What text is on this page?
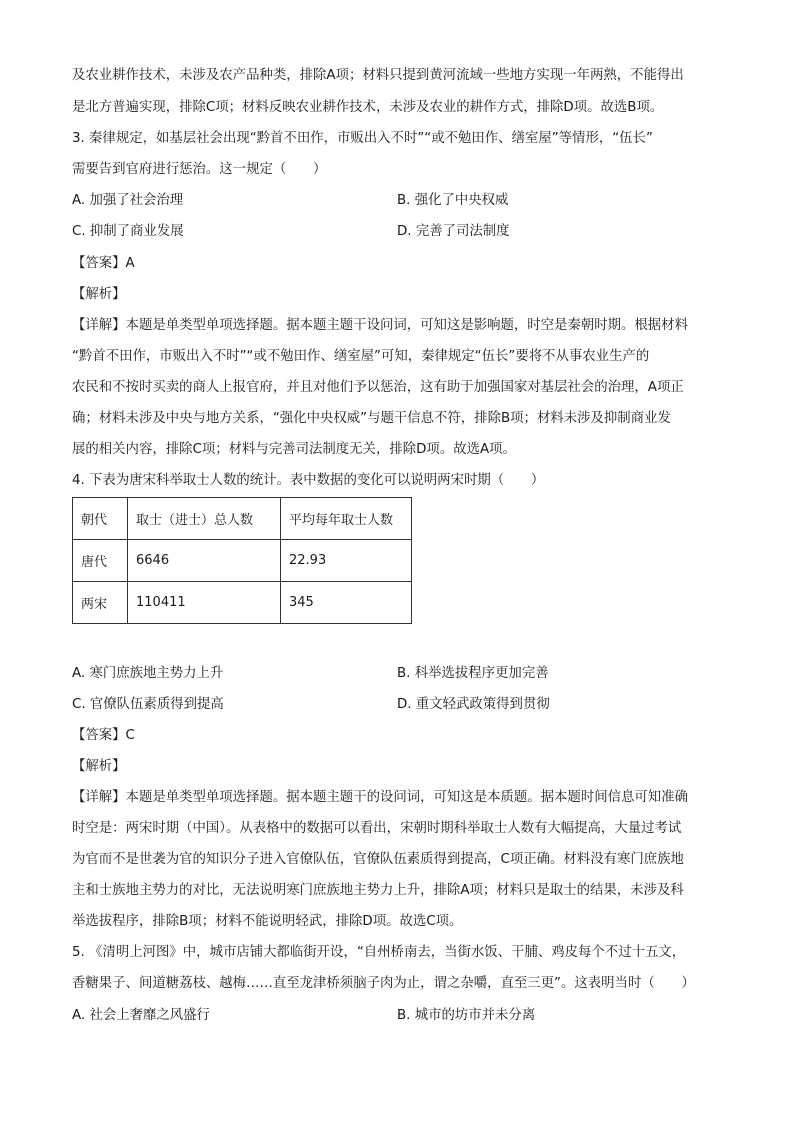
及农业耕作技术，未涉及农产品种类，排除A项；材料只提到黄河流域一些地方实现一年两熟，不能得出
是北方普遍实现，排除C项；材料反映农业耕作技术，未涉及农业的耕作方式，排除D项。故选B项。
3. 秦律规定，如基层社会出现“黔首不田作，市贩出入不时”“或不勉田作、缮室屋”等情形，“伍长”
需要告到官府进行惩治。这一规定（　　）
A. 加强了社会治理	B. 强化了中央权威
C. 抑制了商业发展	D. 完善了司法制度
【答案】A
【解析】
【详解】本题是单类型单项选择题。据本题主题干设问词，可知这是影响题，时空是秦朝时期。根据材料
“黔首不田作，市贩出入不时”“或不勉田作、缮室屋”可知，秦律规定“伍长”要将不从事农业生产的
农民和不按时买卖的商人上报官府，并且对他们予以惩治，这有助于加强国家对基层社会的治理，A项正
确；材料未涉及中央与地方关系，“强化中央权威”与题干信息不符，排除B项；材料未涉及抑制商业发
展的相关内容，排除C项；材料与完善司法制度无关，排除D项。故选A项。
4. 下表为唐宋科举取士人数的统计。表中数据的变化可以说明两宋时期（　　）
朝代	取士（进士）总人数	平均每年取士人数
唐代	6646	22.93
两宋	110411	345
A. 寒门庶族地主势力上升	B. 科举选拔程序更加完善
C. 官僚队伍素质得到提高	D. 重文轻武政策得到贯彻
【答案】C
【解析】
【详解】本题是单类型单项选择题。据本题主题干的设问词，可知这是本质题。据本题时间信息可知准确
时空是：两宋时期（中国）。从表格中的数据可以看出，宋朝时期科举取士人数有大幅提高，大量过考试
为官而不是世袭为官的知识分子进入官僚队伍，官僚队伍素质得到提高，C项正确。材料没有寒门庶族地
主和士族地主势力的对比，无法说明寒门庶族地主势力上升，排除A项；材料只是取士的结果，未涉及科
举选拔程序，排除B项；材料不能说明轻武，排除D项。故选C项。
5. 《清明上河图》中，城市店铺大都临街开设，“自州桥南去，当街水饭、干脯、鸡皮每个不过十五文，
香糖果子、间道糖荔枝、越梅……直至龙津桥须脑子肉为止，谓之杂嚼，直至三更”。这表明当时（　　）
A. 社会上奢靡之风盛行	B. 城市的坊市并未分离
